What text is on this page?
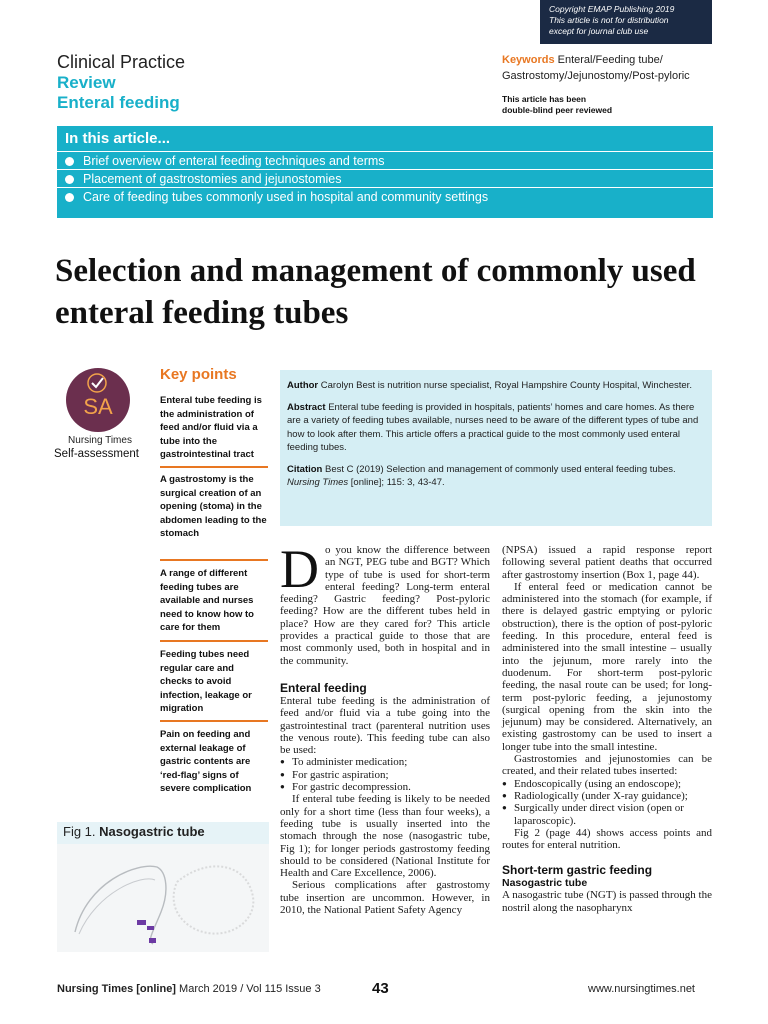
Copyright EMAP Publishing 2019
This article is not for distribution
except for journal club use
Clinical Practice
Review
Enteral feeding
Keywords Enteral/Feeding tube/ Gastrostomy/Jejunostomy/Post-pyloric
This article has been
double-blind peer reviewed
In this article...
Brief overview of enteral feeding techniques and terms
Placement of gastrostomies and jejunostomies
Care of feeding tubes commonly used in hospital and community settings
Selection and management of commonly used enteral feeding tubes
SA
Nursing Times
Self-assessment
Key points
Enteral tube feeding is the administration of feed and/or fluid via a tube into the gastrointestinal tract
A gastrostomy is the surgical creation of an opening (stoma) in the abdomen leading to the stomach
A range of different feeding tubes are available and nurses need to know how to care for them
Feeding tubes need regular care and checks to avoid infection, leakage or migration
Pain on feeding and external leakage of gastric contents are ‘red-flag’ signs of severe complication

Author Carolyn Best is nutrition nurse specialist, Royal Hampshire County Hospital, Winchester.

Abstract Enteral tube feeding is provided in hospitals, patients’ homes and care homes. As there are a variety of feeding tubes available, nurses need to be aware of the different types of tube and how to look after them. This article offers a practical guide to the most commonly used enteral feeding tubes.

Citation Best C (2019) Selection and management of commonly used enteral feeding tubes. Nursing Times [online]; 115: 3, 43-47.

Fig 1. Nasogastric tube

Do you know the difference between an NGT, PEG tube and BGT? Which type of tube is used for short-term enteral feeding? Long-term enteral feeding? Gastric feeding? Post-pyloric feeding? How are the different tubes held in place? How are they cared for? This article provides a practical guide to those that are most commonly used, both in hospital and in the community.

Enteral feeding

Enteral tube feeding is the administration of feed and/or fluid via a tube going into the gastrointestinal tract (parenteral nutrition uses the venous route). This feeding tube can also be used:

● To administer medication;
● For gastric aspiration;
● For gastric decompression.

If enteral tube feeding is likely to be needed only for a short time (less than four weeks), a feeding tube is usually inserted into the stomach through the nose (nasogastric tube, Fig 1); for longer periods gastrostomy feeding should to be considered (National Institute for Health and Care Excellence, 2006).

Serious complications after gastrostomy tube insertion are uncommon. However, in 2010, the National Patient Safety Agency

(NPSA) issued a rapid response report following several patient deaths that occurred after gastrostomy insertion (Box 1, page 44).

If enteral feed or medication cannot be administered into the stomach (for example, if there is delayed gastric emptying or pyloric obstruction), there is the option of post-pyloric feeding. In this procedure, enteral feed is administered into the small intestine – usually into the jejunum, more rarely into the duodenum. For short-term post-pyloric feeding, the nasal route can be used; for long-term post-pyloric feeding, a jejunostomy (surgical opening from the skin into the jejunum) may be considered. Alternatively, an existing gastrostomy can be used to insert a longer tube into the small intestine.

Gastrostomies and jejunostomies can be created, and their related tubes inserted:

● Endoscopically (using an endoscope);
● Radiologically (under X-ray guidance);
● Surgically under direct vision (open or laparoscopic).

Fig 2 (page 44) shows access points and routes for enteral nutrition.

Short-term gastric feeding
Nasogastric tube

A nasogastric tube (NGT) is passed through the nostril along the nasopharynx

Nursing Times [online] March 2019 / Vol 115 Issue 3	43	www.nursingtimes.net
